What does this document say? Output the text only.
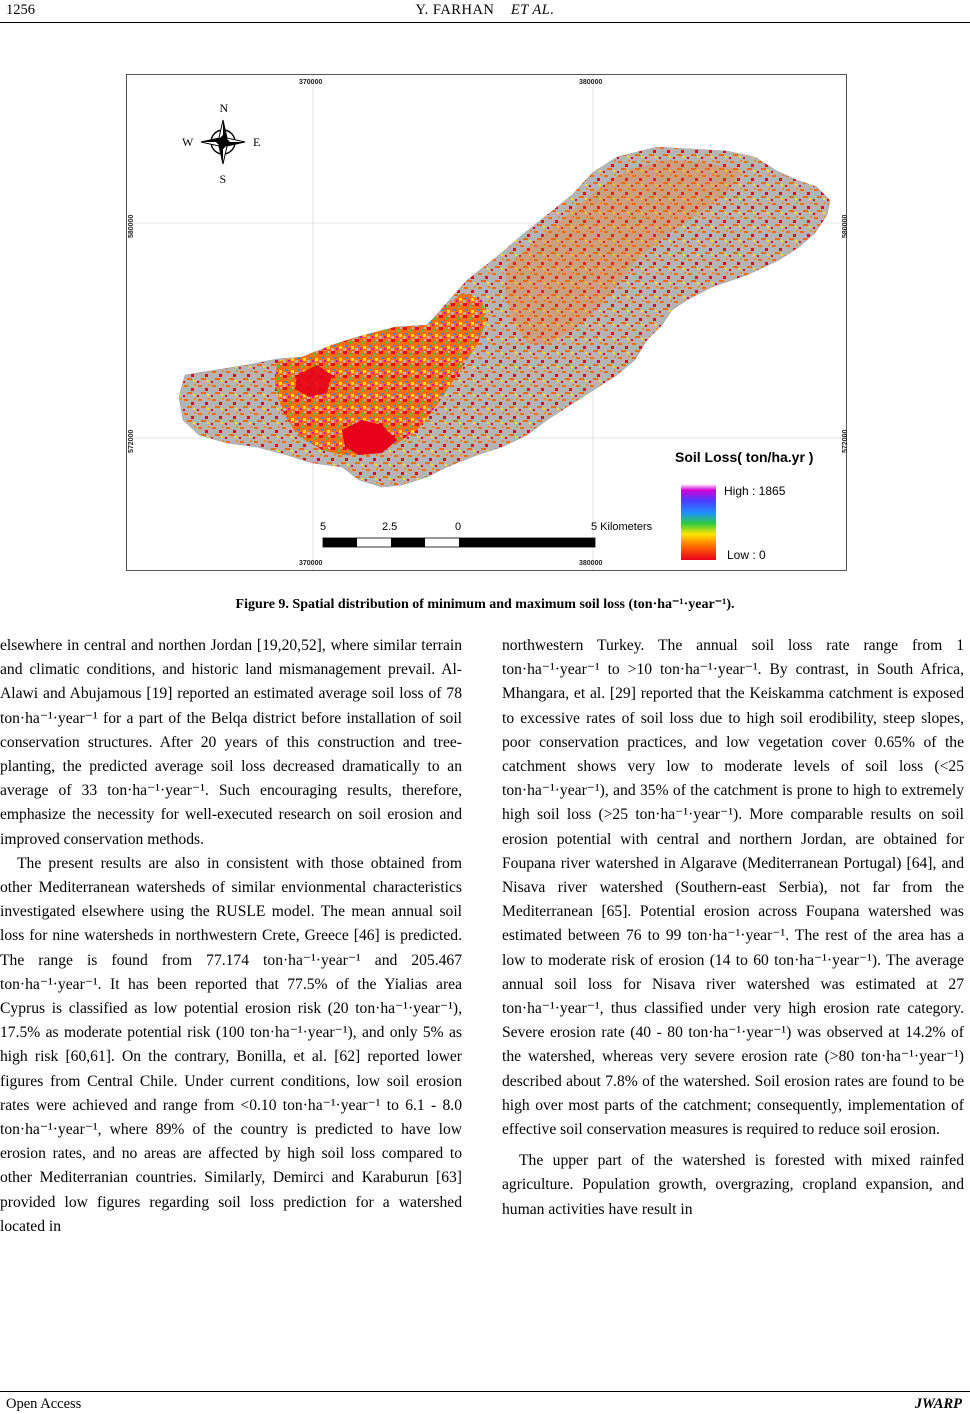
1256	Y. FARHAN ET AL.
N
S
E
W
370000	380000
370000	380000
580000
572000
580000
572000
Soil Loss( ton/ha.yr )
High : 1865
Low : 0
5	2.5	0	5 Kilometers
Figure 9. Spatial distribution of minimum and maximum soil loss (ton·ha⁻¹·year⁻¹).

elsewhere in central and northen Jordan [19,20,52], where similar terrain and climatic conditions, and historic land mismanagement prevail. Al-Alawi and Abujamous [19] reported an estimated average soil loss of 78 ton·ha⁻¹·year⁻¹ for a part of the Belqa district before installation of soil conservation structures. After 20 years of this construction and tree-planting, the predicted average soil loss decreased dramatically to an average of 33 ton·ha⁻¹·year⁻¹. Such encouraging results, therefore, emphasize the necessity for well-executed research on soil erosion and improved conservation methods.

The present results are also in consistent with those obtained from other Mediterranean watersheds of similar envionmental characteristics investigated elsewhere using the RUSLE model. The mean annual soil loss for nine watersheds in northwestern Crete, Greece [46] is predicted. The range is found from 77.174 ton·ha⁻¹·year⁻¹ and 205.467 ton·ha⁻¹·year⁻¹. It has been reported that 77.5% of the Yialias area Cyprus is classified as low potential erosion risk (20 ton·ha⁻¹·year⁻¹), 17.5% as moderate potential risk (100 ton·ha⁻¹·year⁻¹), and only 5% as high risk [60,61]. On the contrary, Bonilla, et al. [62] reported lower figures from Central Chile. Under current conditions, low soil erosion rates were achieved and range from <0.10 ton·ha⁻¹·year⁻¹ to 6.1 - 8.0 ton·ha⁻¹·year⁻¹, where 89% of the country is predicted to have low erosion rates, and no areas are affected by high soil loss compared to other Mediterranian countries. Similarly, Demirci and Karaburun [63] provided low figures regarding soil loss prediction for a watershed located in

northwestern Turkey. The annual soil loss rate range from 1 ton·ha⁻¹·year⁻¹ to >10 ton·ha⁻¹·year⁻¹. By contrast, in South Africa, Mhangara, et al. [29] reported that the Keiskamma catchment is exposed to excessive rates of soil loss due to high soil erodibility, steep slopes, poor conservation practices, and low vegetation cover 0.65% of the catchment shows very low to moderate levels of soil loss (<25 ton·ha⁻¹·year⁻¹), and 35% of the catchment is prone to high to extremely high soil loss (>25 ton·ha⁻¹·year⁻¹). More comparable results on soil erosion potential with central and northern Jordan, are obtained for Foupana river watershed in Algarave (Mediterranean Portugal) [64], and Nisava river watershed (Southern-east Serbia), not far from the Mediterranean [65]. Potential erosion across Foupana watershed was estimated between 76 to 99 ton·ha⁻¹·year⁻¹. The rest of the area has a low to moderate risk of erosion (14 to 60 ton·ha⁻¹·year⁻¹). The average annual soil loss for Nisava river watershed was estimated at 27 ton·ha⁻¹·year⁻¹, thus classified under very high erosion rate category. Severe erosion rate (40 - 80 ton·ha⁻¹·year⁻¹) was observed at 14.2% of the watershed, whereas very severe erosion rate (>80 ton·ha⁻¹·year⁻¹) described about 7.8% of the watershed. Soil erosion rates are found to be high over most parts of the catchment; consequently, implementation of effective soil conservation measures is required to reduce soil erosion.

The upper part of the watershed is forested with mixed rainfed agriculture. Population growth, overgrazing, cropland expansion, and human activities have result in

Open Access	JWARP
